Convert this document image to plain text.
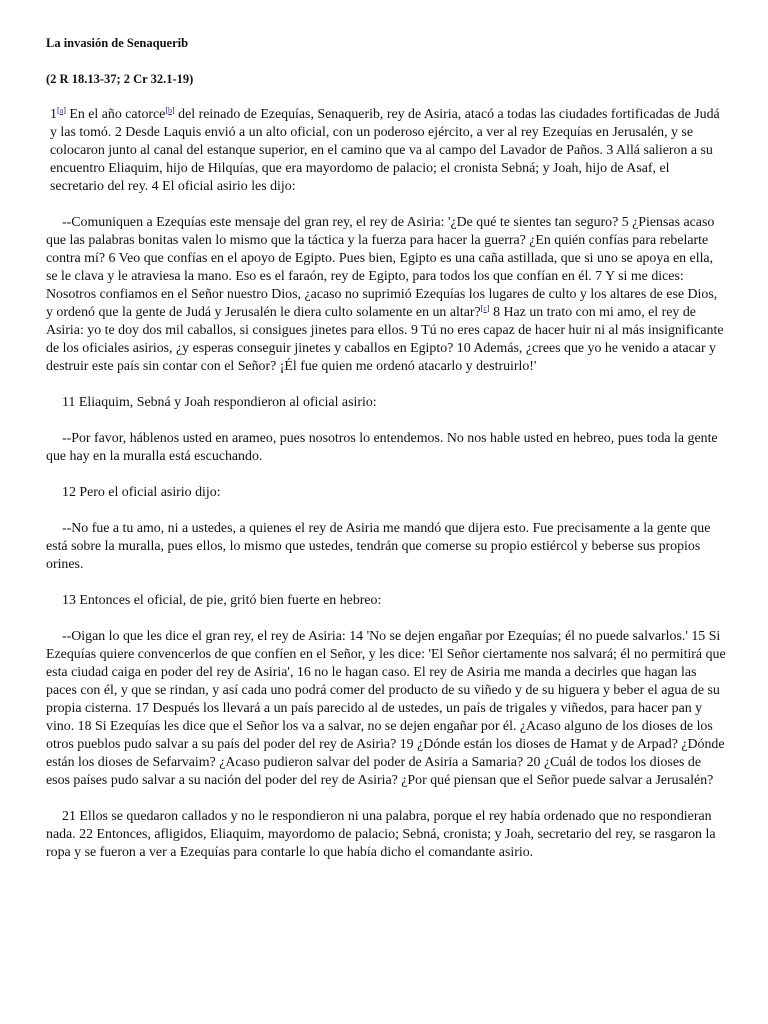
La invasión de Senaquerib
(2 R 18.13-37; 2 Cr 32.1-19)

1[a] En el año catorce[b] del reinado de Ezequías, Senaquerib, rey de Asiria, atacó a todas las ciudades fortificadas de Judá y las tomó. 2 Desde Laquis envió a un alto oficial, con un poderoso ejército, a ver al rey Ezequías en Jerusalén, y se colocaron junto al canal del estanque superior, en el camino que va al campo del Lavador de Paños. 3 Allá salieron a su encuentro Eliaquim, hijo de Hilquías, que era mayordomo de palacio; el cronista Sebná; y Joah, hijo de Asaf, el secretario del rey. 4 El oficial asirio les dijo:

--Comuniquen a Ezequías este mensaje del gran rey, el rey de Asiria: '¿De qué te sientes tan seguro? 5 ¿Piensas acaso que las palabras bonitas valen lo mismo que la táctica y la fuerza para hacer la guerra? ¿En quién confías para rebelarte contra mí? 6 Veo que confías en el apoyo de Egipto. Pues bien, Egipto es una caña astillada, que si uno se apoya en ella, se le clava y le atraviesa la mano. Eso es el faraón, rey de Egipto, para todos los que confían en él. 7 Y si me dices: Nosotros confiamos en el Señor nuestro Dios, ¿acaso no suprimió Ezequías los lugares de culto y los altares de ese Dios, y ordenó que la gente de Judá y Jerusalén le diera culto solamente en un altar?[c] 8 Haz un trato con mi amo, el rey de Asiria: yo te doy dos mil caballos, si consigues jinetes para ellos. 9 Tú no eres capaz de hacer huir ni al más insignificante de los oficiales asirios, ¿y esperas conseguir jinetes y caballos en Egipto? 10 Además, ¿crees que yo he venido a atacar y destruir este país sin contar con el Señor? ¡Él fue quien me ordenó atacarlo y destruirlo!'

11 Eliaquim, Sebná y Joah respondieron al oficial asirio:

--Por favor, háblenos usted en arameo, pues nosotros lo entendemos. No nos hable usted en hebreo, pues toda la gente que hay en la muralla está escuchando.

12 Pero el oficial asirio dijo:

--No fue a tu amo, ni a ustedes, a quienes el rey de Asiria me mandó que dijera esto. Fue precisamente a la gente que está sobre la muralla, pues ellos, lo mismo que ustedes, tendrán que comerse su propio estiércol y beberse sus propios orines.

13 Entonces el oficial, de pie, gritó bien fuerte en hebreo:

--Oigan lo que les dice el gran rey, el rey de Asiria: 14 'No se dejen engañar por Ezequías; él no puede salvarlos.' 15 Si Ezequías quiere convencerlos de que confíen en el Señor, y les dice: 'El Señor ciertamente nos salvará; él no permitirá que esta ciudad caiga en poder del rey de Asiria', 16 no le hagan caso. El rey de Asiria me manda a decirles que hagan las paces con él, y que se rindan, y así cada uno podrá comer del producto de su viñedo y de su higuera y beber el agua de su propia cisterna. 17 Después los llevará a un país parecido al de ustedes, un país de trigales y viñedos, para hacer pan y vino. 18 Si Ezequías les dice que el Señor los va a salvar, no se dejen engañar por él. ¿Acaso alguno de los dioses de los otros pueblos pudo salvar a su país del poder del rey de Asiria? 19 ¿Dónde están los dioses de Hamat y de Arpad? ¿Dónde están los dioses de Sefarvaim? ¿Acaso pudieron salvar del poder de Asiria a Samaria? 20 ¿Cuál de todos los dioses de esos países pudo salvar a su nación del poder del rey de Asiria? ¿Por qué piensan que el Señor puede salvar a Jerusalén?

21 Ellos se quedaron callados y no le respondieron ni una palabra, porque el rey había ordenado que no respondieran nada. 22 Entonces, afligidos, Eliaquim, mayordomo de palacio; Sebná, cronista; y Joah, secretario del rey, se rasgaron la ropa y se fueron a ver a Ezequías para contarle lo que había dicho el comandante asirio.
